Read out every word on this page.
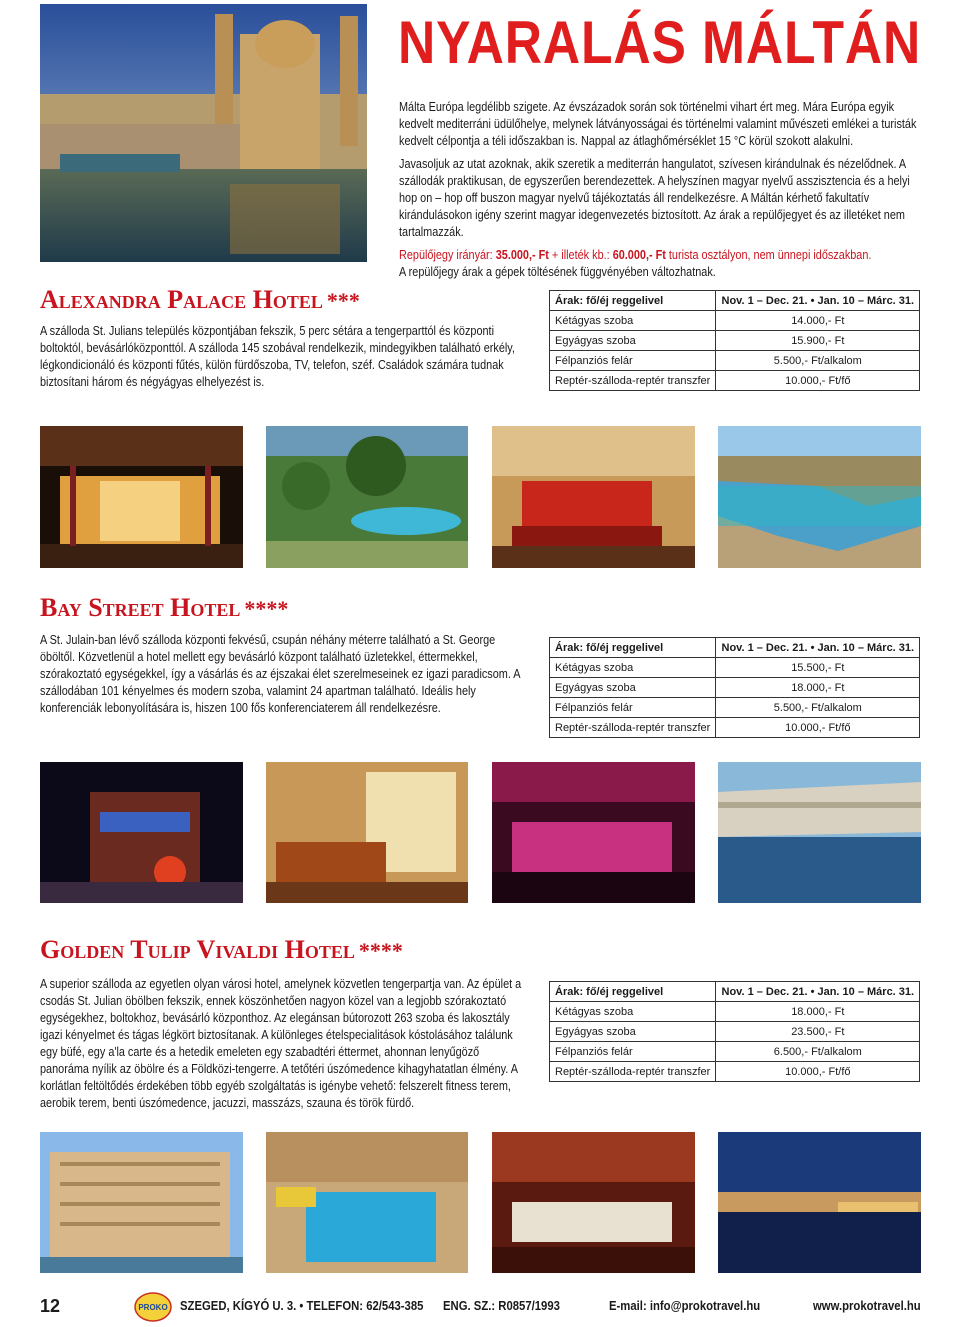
NYARALÁS MÁLTÁN

Málta Európa legdélibb szigete. Az évszázadok során sok történelmi vihart ért meg. Mára Európa egyik kedvelt mediterráni üdülőhelye, melynek látványosságai és történelmi valamint művészeti emlékei a turisták kedvelt célpontja a téli időszakban is. Nappal az átlaghőmérséklet 15 °C körül szokott alakulni.

Javasoljuk az utat azoknak, akik szeretik a mediterrán hangulatot, szívesen kirándulnak és nézelődnek. A szállodák praktikusan, de egyszerűen berendezettek. A helyszínen magyar nyelvű asszisztencia és a helyi hop on – hop off buszon magyar nyelvű tájékoztatás áll rendelkezésre. A Máltán kérhető fakultatív kirándulásokon igény szerint magyar idegenvezetés biztosított. Az árak a repülőjegyet és az illetéket nem tartalmazzák.

Repülőjegy irányár: 35.000,- Ft + illeték kb.: 60.000,- Ft turista osztályon, nem ünnepi időszakban.
A repülőjegy árak a gépek töltésének függvényében változhatnak.
Alexandra Palace Hotel ***
A szálloda St. Julians település központjában fekszik, 5 perc sétára a tengerparttól és központi boltoktól, bevásárlóközponttól. A szálloda 145 szobával rendelkezik, mindegyikben található erkély, légkondicionáló és központi fűtés, külön fürdőszoba, TV, telefon, széf. Családok számára tudnak biztosítani három és négyágyas elhelyezést is.
Árak: fő/éj reggelivel	Nov. 1 – Dec. 21. • Jan. 10 – Márc. 31.
Kétágyas szoba	14.000,- Ft
Egyágyas szoba	15.900,- Ft
Félpanziós felár	5.500,- Ft/alkalom
Reptér-szálloda-reptér transzfer	10.000,- Ft/fő
Bay Street Hotel ****
A St. Julain-ban lévő szálloda központi fekvésű, csupán néhány méterre található a St. George öböltől. Közvetlenül a hotel mellett egy bevásárló központ található üzletekkel, éttermekkel, szórakoztató egységekkel, így a vásárlás és az éjszakai élet szerelmeseinek ez igazi paradicsom. A szállodában 101 kényelmes és modern szoba, valamint 24 apartman található. Ideális hely konferenciák lebonyolítására is, hiszen 100 fős konferenciaterem áll rendelkezésre.
Árak: fő/éj reggelivel	Nov. 1 – Dec. 21. • Jan. 10 – Márc. 31.
Kétágyas szoba	15.500,- Ft
Egyágyas szoba	18.000,- Ft
Félpanziós felár	5.500,- Ft/alkalom
Reptér-szálloda-reptér transzfer	10.000,- Ft/fő
Golden Tulip Vivaldi Hotel ****
A superior szálloda az egyetlen olyan városi hotel, amelynek közvetlen tengerpartja van. Az épület a csodás St. Julian öbölben fekszik, ennek köszönhetően nagyon közel van a legjobb szórakoztató egységekhez, boltokhoz, bevásárló központhoz. Az elegánsan bútorozott 263 szoba és lakosztály igazi kényelmet és tágas légkört biztosítanak. A különleges ételspecialitások kóstolásához találunk egy büfé, egy a'la carte és a hetedik emeleten egy szabadtéri éttermet, ahonnan lenyűgöző panoráma nyílik az öbölre és a Földközi-tengerre. A tetőtéri úszómedence kihagyhatatlan élmény. A korlátlan feltöltődés érdekében több egyéb szolgáltatás is igénybe vehető: felszerelt fitness terem, aerobik terem, benti úszómedence, jacuzzi, masszázs, szauna és török fürdő.
Árak: fő/éj reggelivel	Nov. 1 – Dec. 21. • Jan. 10 – Márc. 31.
Kétágyas szoba	18.000,- Ft
Egyágyas szoba	23.500,- Ft
Félpanziós felár	6.500,- Ft/alkalom
Reptér-szálloda-reptér transzfer	10.000,- Ft/fő
12	PROKO SZEGED, KÍGYÓ U. 3. • TELEFON: 62/543-385 ENG. SZ.: R0857/1993	E-mail: info@prokotravel.hu	www.prokotravel.hu
